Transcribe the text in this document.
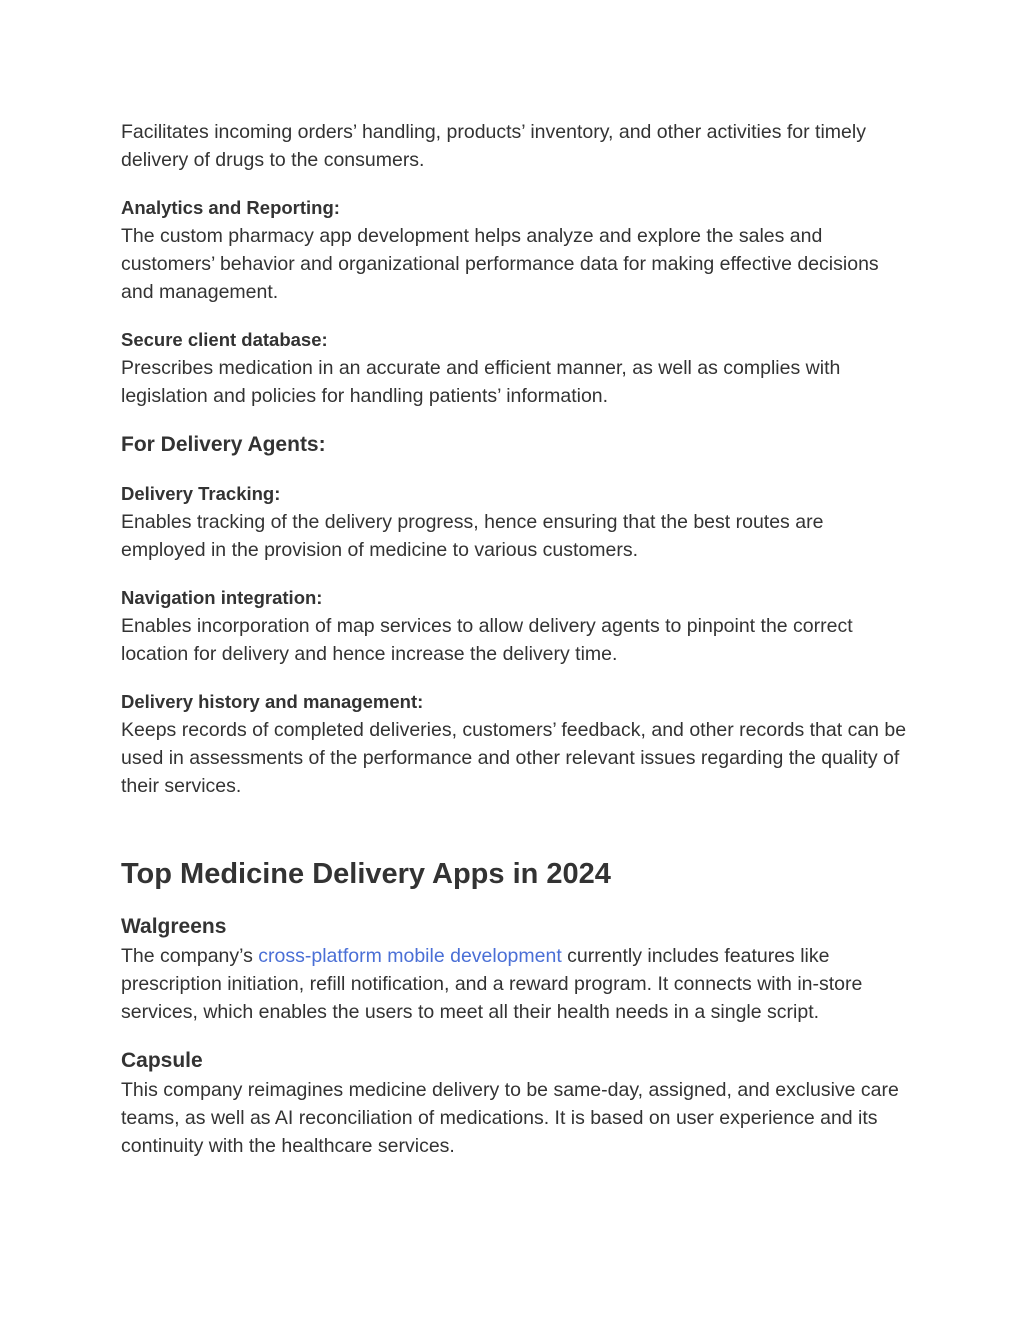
Facilitates incoming orders’ handling, products’ inventory, and other activities for timely delivery of drugs to the consumers.

Analytics and Reporting:

The custom pharmacy app development helps analyze and explore the sales and customers’ behavior and organizational performance data for making effective decisions and management.

Secure client database:

Prescribes medication in an accurate and efficient manner, as well as complies with legislation and policies for handling patients’ information.

For Delivery Agents:
Delivery Tracking:

Enables tracking of the delivery progress, hence ensuring that the best routes are employed in the provision of medicine to various customers.

Navigation integration:

Enables incorporation of map services to allow delivery agents to pinpoint the correct location for delivery and hence increase the delivery time.

Delivery history and management:

Keeps records of completed deliveries, customers’ feedback, and other records that can be used in assessments of the performance and other relevant issues regarding the quality of their services.

Top Medicine Delivery Apps in 2024
Walgreens

The company’s cross-platform mobile development currently includes features like prescription initiation, refill notification, and a reward program. It connects with in-store services, which enables the users to meet all their health needs in a single script.

Capsule

This company reimagines medicine delivery to be same-day, assigned, and exclusive care teams, as well as AI reconciliation of medications. It is based on user experience and its continuity with the healthcare services.
